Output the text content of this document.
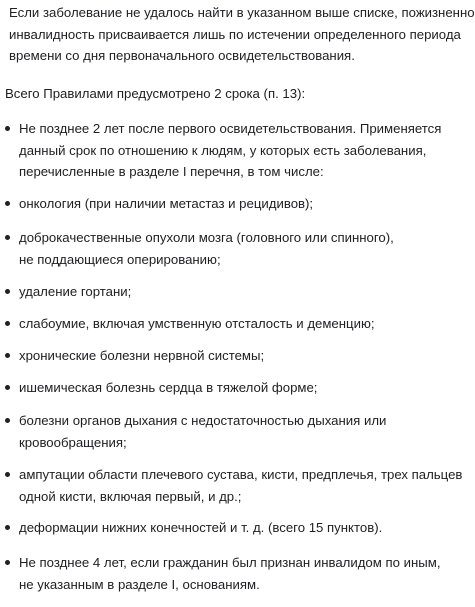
Если заболевание не удалось найти в указанном выше списке, пожизненно
инвалидность присваивается лишь по истечении определенного периода
времени со дня первоначального освидетельствования.

Всего Правилами предусмотрено 2 срока (п. 13):

Не позднее 2 лет после первого освидетельствования. Применяется
данный срок по отношению к людям, у которых есть заболевания,
перечисленные в разделе I перечня, в том числе:
онкология (при наличии метастаз и рецидивов);
доброкачественные опухоли мозга (головного или спинного),
не поддающиеся оперированию;
удаление гортани;
слабоумие, включая умственную отсталость и деменцию;
хронические болезни нервной системы;
ишемическая болезнь сердца в тяжелой форме;
болезни органов дыхания с недостаточностью дыхания или
кровообращения;
ампутации области плечевого сустава, кисти, предплечья, трех пальцев
одной кисти, включая первый, и др.;
деформации нижних конечностей и т. д. (всего 15 пунктов).
Не позднее 4 лет, если гражданин был признан инвалидом по иным,
не указанным в разделе I, основаниям.
